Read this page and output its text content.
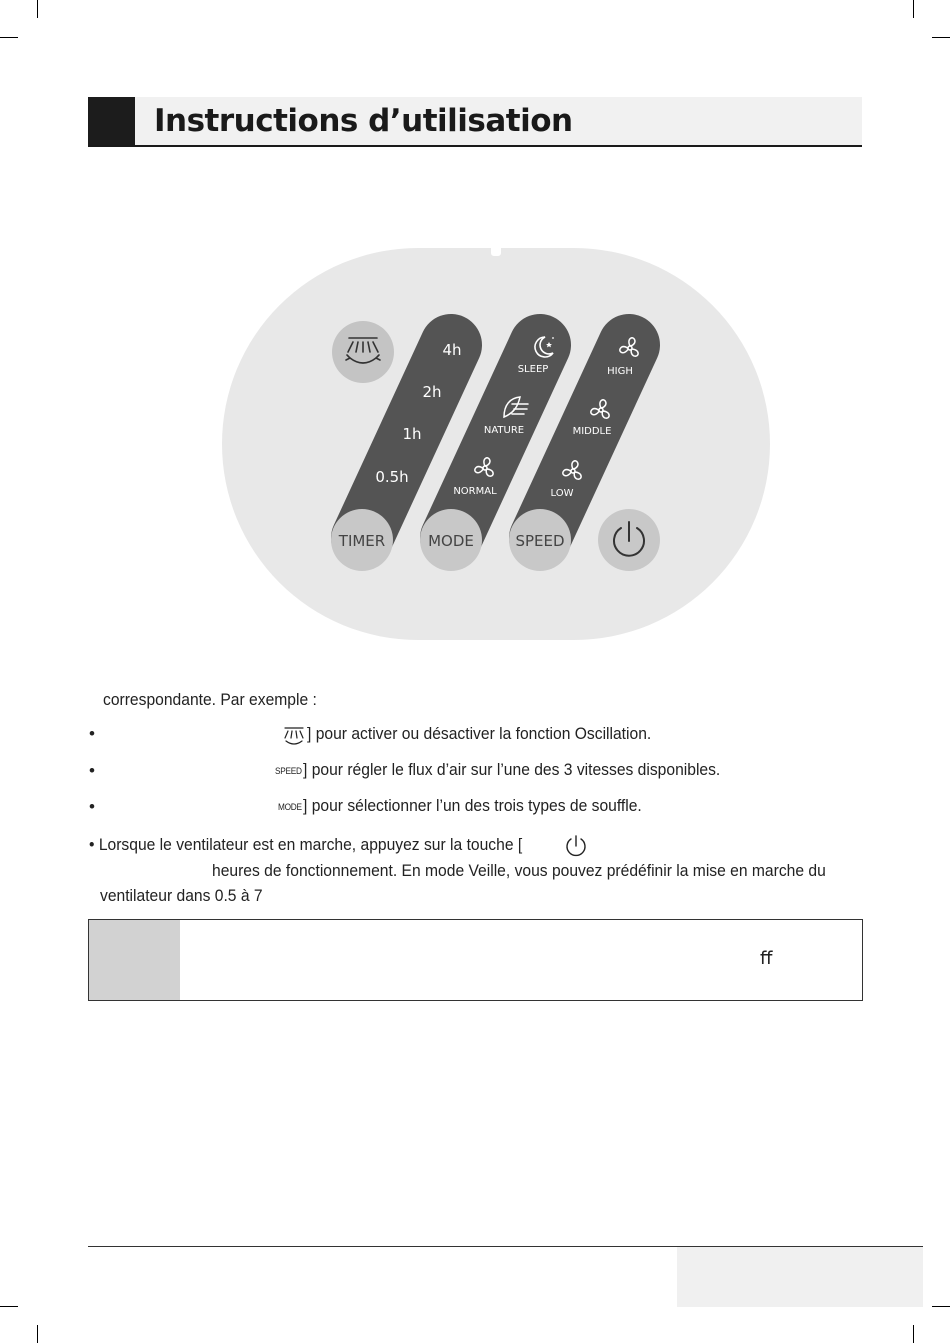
Instructions d’utilisation
4h
2h
1h
0.5h
SLEEP
NATURE
NORMAL
HIGH
MIDDLE
LOW
TIMER	MODE	SPEED
correspondante. Par exemple :
•	] pour activer ou désactiver la fonction Oscillation.
•	SPEED ] pour régler le flux d’air sur l’une des 3 vitesses disponibles.
•	MODE ] pour sélectionner l’un des trois types de souffle.
• Lorsque le ventilateur est en marche, appuyez sur la touche [
heures de fonctionnement. En mode Veille, vous pouvez prédéfinir la mise en marche du
ventilateur dans 0.5 à 7
ﬀ
